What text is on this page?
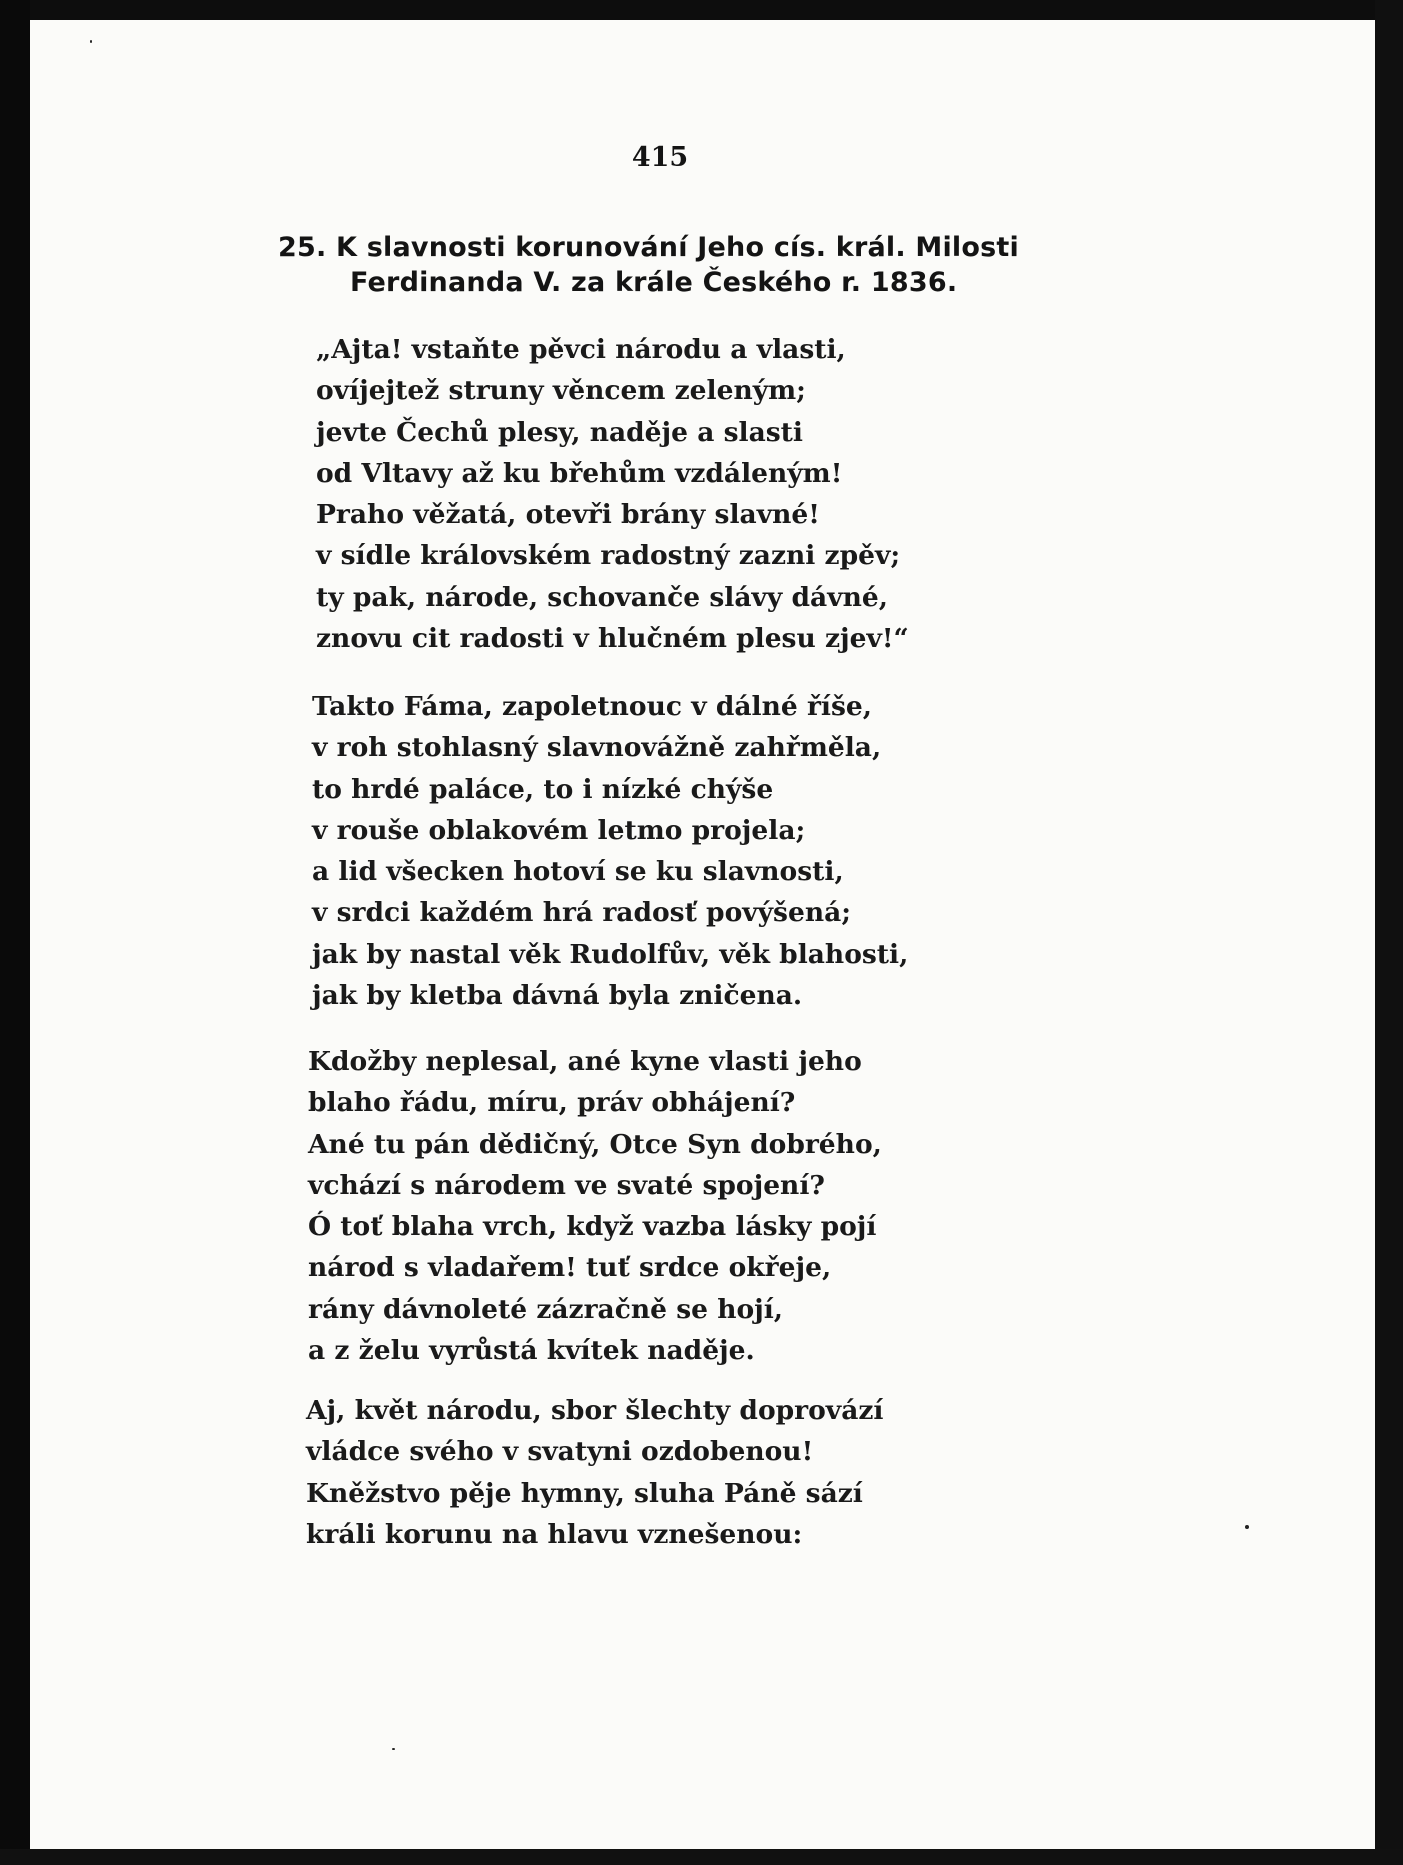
415
25. K slavnosti korunování Jeho cís. král. Milosti
Ferdinanda V. za krále Českého r. 1836.
„Ajta! vstaňte pěvci národu a vlasti,
ovíjejtež struny věncem zeleným;
jevte Čechů plesy, naděje a slasti
od Vltavy až ku břehům vzdáleným!
Praho věžatá, otevři brány slavné!
v sídle královském radostný zazni zpěv;
ty pak, národe, schovanče slávy dávné,
znovu cit radosti v hlučném plesu zjev!“
Takto Fáma, zapoletnouc v dálné říše,
v roh stohlasný slavnovážně zahřměla,
to hrdé paláce, to i nízké chýše
v rouše oblakovém letmo projela;
a lid všecken hotoví se ku slavnosti,
v srdci každém hrá radosť povýšená;
jak by nastal věk Rudolfův, věk blahosti,
jak by kletba dávná byla zničena.
Kdožby neplesal, ané kyne vlasti jeho
blaho řádu, míru, práv obhájení?
Ané tu pán dědičný, Otce Syn dobrého,
vchází s národem ve svaté spojení?
Ó toť blaha vrch, když vazba lásky pojí
národ s vladařem! tuť srdce okřeje,
rány dávnoleté zázračně se hojí,
a z želu vyrůstá kvítek naděje.
Aj, květ národu, sbor šlechty doprovází
vládce svého v svatyni ozdobenou!
Kněžstvo pěje hymny, sluha Páně sází
králi korunu na hlavu vznešenou:
